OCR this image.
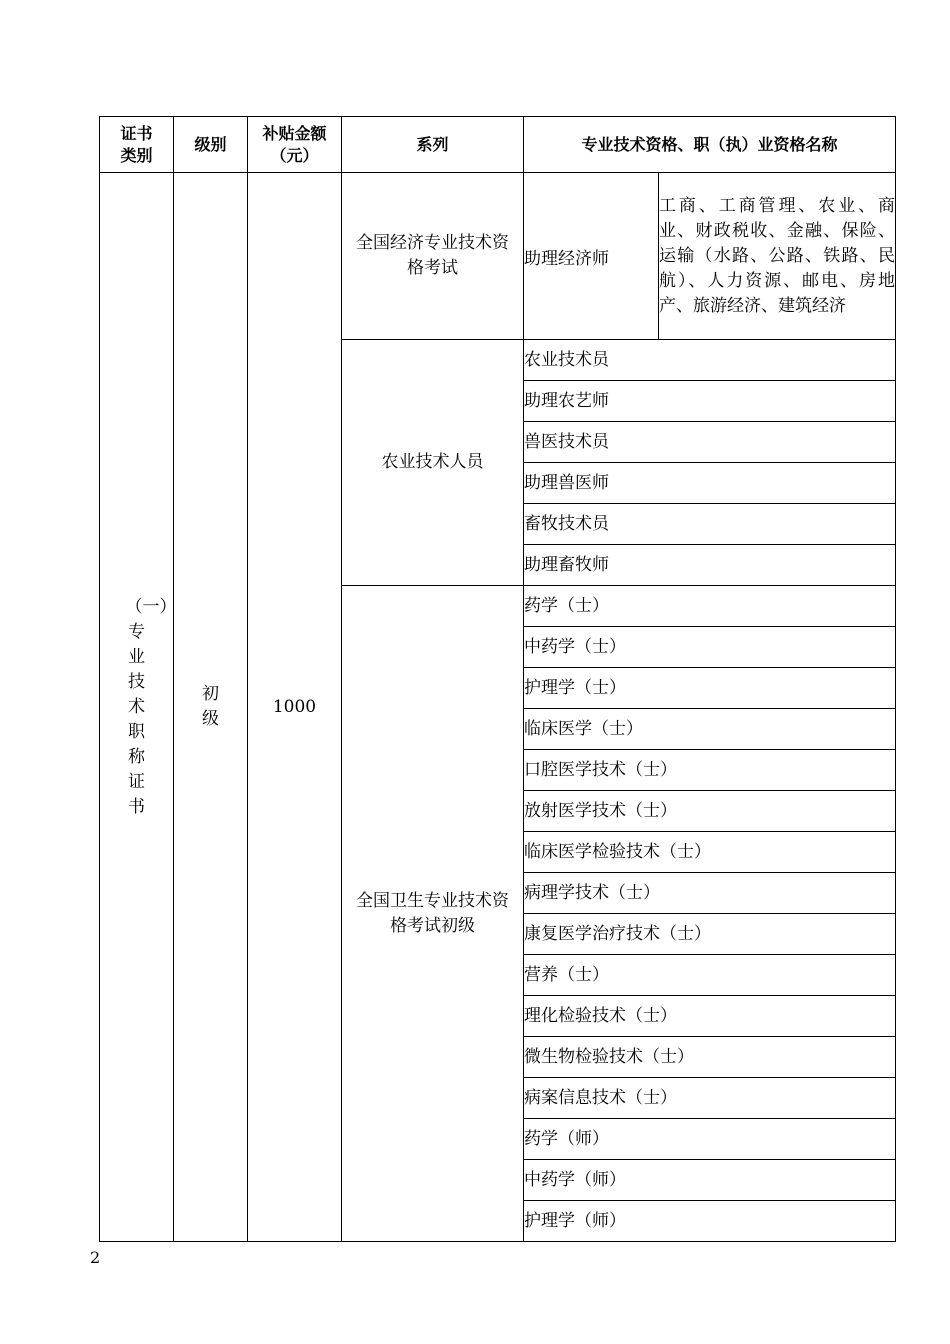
证书类别	级别	补贴金额（元）	系列	专业技术资格、职（执）业资格名称	
（一）专业技术职称证书	初级	1000	全国经济专业技术资格考试	助理经济师	工商、工商管理、农业、商业、财政税收、金融、保险、运输（水路、公路、铁路、民航）、人力资源、邮电、房地产、旅游经济、建筑经济
			农业技术人员	农业技术员	
				助理农艺师	
				兽医技术员	
				助理兽医师	
				畜牧技术员	
				助理畜牧师	

			全国卫生专业技术资格考试初级	药学（士）	
				中药学（士）	
				护理学（士）	
				临床医学（士）	
				口腔医学技术（士）	
				放射医学技术（士）	
				临床医学检验技术（士）	
				病理学技术（士）	
				康复医学治疗技术（士）	
				营养（士）	
				理化检验技术（士）	
				微生物检验技术（士）	
				病案信息技术（士）	
				药学（师）	
				中药学（师）	
				护理学（师）	
2
